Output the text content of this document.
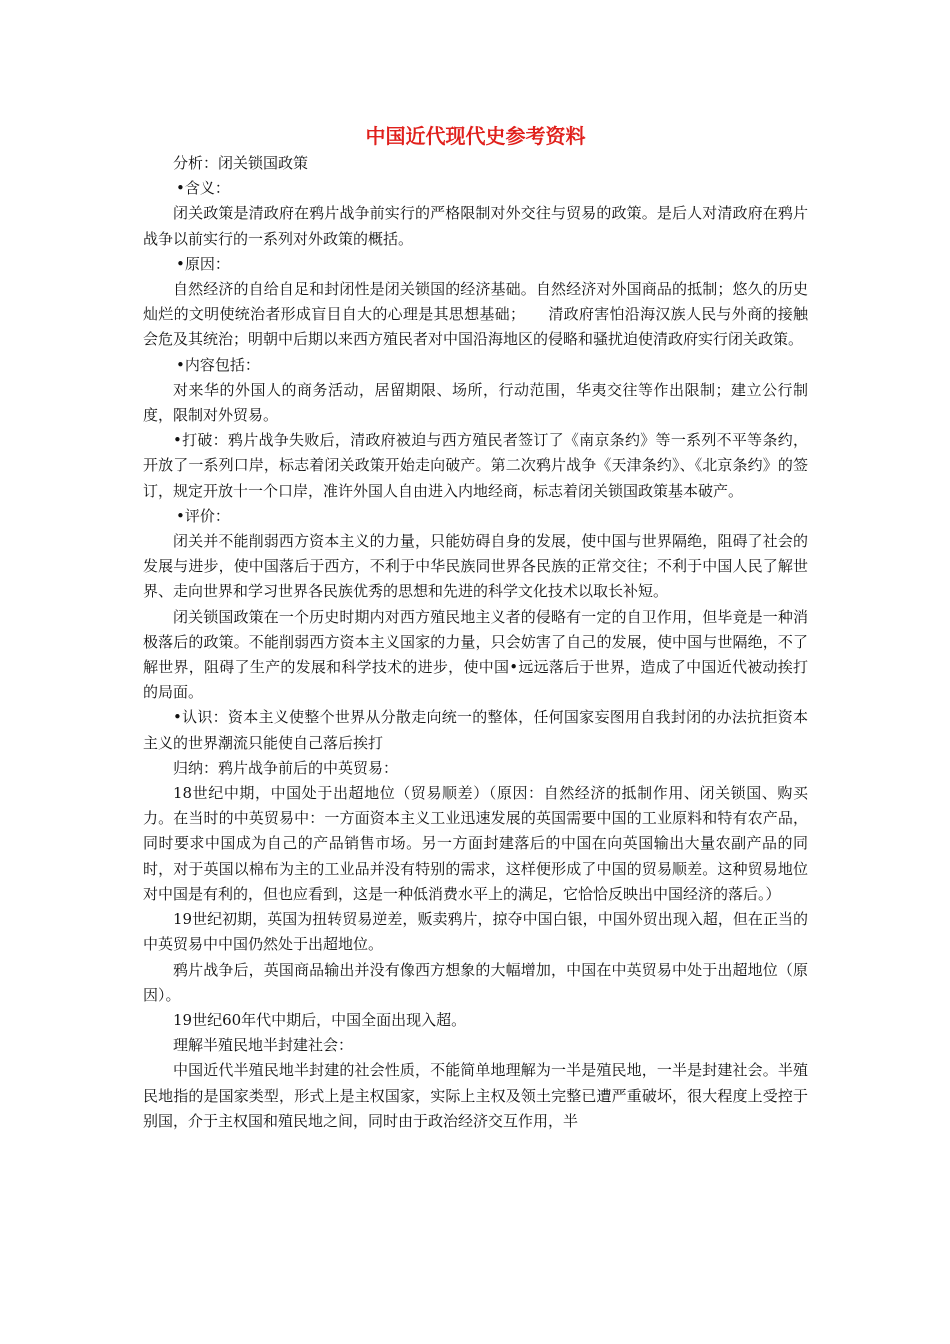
中国近代现代史参考资料

分析：闭关锁国政策

•含义：

闭关政策是清政府在鸦片战争前实行的严格限制对外交往与贸易的政策。是后人对清政府在鸦片战争以前实行的一系列对外政策的概括。

•原因：

自然经济的自给自足和封闭性是闭关锁国的经济基础。自然经济对外国商品的抵制；悠久的历史灿烂的文明使统治者形成盲目自大的心理是其思想基础；　　清政府害怕沿海汉族人民与外商的接触会危及其统治；明朝中后期以来西方殖民者对中国沿海地区的侵略和骚扰迫使清政府实行闭关政策。

•内容包括：

对来华的外国人的商务活动，居留期限、场所，行动范围，华夷交往等作出限制；建立公行制度，限制对外贸易。

•打破：鸦片战争失败后，清政府被迫与西方殖民者签订了《南京条约》等一系列不平等条约，开放了一系列口岸，标志着闭关政策开始走向破产。第二次鸦片战争《天津条约》、《北京条约》的签订，规定开放十一个口岸，准许外国人自由进入内地经商，标志着闭关锁国政策基本破产。

•评价：

闭关并不能削弱西方资本主义的力量，只能妨碍自身的发展，使中国与世界隔绝，阻碍了社会的发展与进步，使中国落后于西方，不利于中华民族同世界各民族的正常交往；不利于中国人民了解世界、走向世界和学习世界各民族优秀的思想和先进的科学文化技术以取长补短。

闭关锁国政策在一个历史时期内对西方殖民地主义者的侵略有一定的自卫作用，但毕竟是一种消极落后的政策。不能削弱西方资本主义国家的力量，只会妨害了自己的发展，使中国与世隔绝，不了解世界，阻碍了生产的发展和科学技术的进步，使中国•远远落后于世界，造成了中国近代被动挨打的局面。

•认识：资本主义使整个世界从分散走向统一的整体，任何国家妄图用自我封闭的办法抗拒资本主义的世界潮流只能使自己落后挨打

归纳：鸦片战争前后的中英贸易：

18世纪中期，中国处于出超地位（贸易顺差）（原因：自然经济的抵制作用、闭关锁国、购买力。在当时的中英贸易中：一方面资本主义工业迅速发展的英国需要中国的工业原料和特有农产品，同时要求中国成为自己的产品销售市场。另一方面封建落后的中国在向英国输出大量农副产品的同时，对于英国以棉布为主的工业品并没有特别的需求，这样便形成了中国的贸易顺差。这种贸易地位对中国是有利的，但也应看到，这是一种低消费水平上的满足，它恰恰反映出中国经济的落后。）

19世纪初期，英国为扭转贸易逆差，贩卖鸦片，掠夺中国白银，中国外贸出现入超，但在正当的中英贸易中中国仍然处于出超地位。

鸦片战争后，英国商品输出并没有像西方想象的大幅增加，中国在中英贸易中处于出超地位（原因）。

19世纪60年代中期后，中国全面出现入超。

理解半殖民地半封建社会：

中国近代半殖民地半封建的社会性质，不能简单地理解为一半是殖民地，一半是封建社会。半殖民地指的是国家类型，形式上是主权国家，实际上主权及领土完整已遭严重破坏，很大程度上受控于别国，介于主权国和殖民地之间，同时由于政治经济交互作用，半
